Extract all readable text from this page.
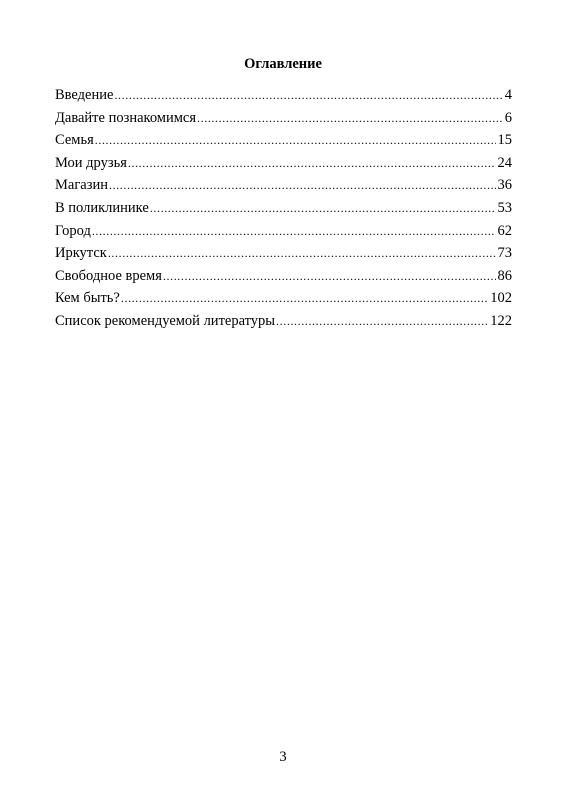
Оглавление
Введение .....	4
Давайте познакомимся .....	6
Семья .....	15
Мои друзья .....	24
Магазин .....	36
В поликлинике .....	53
Город .....	62
Иркутск .....	73
Свободное время .....	86
Кем быть? .....	102
Список рекомендуемой литературы .....	122
3
